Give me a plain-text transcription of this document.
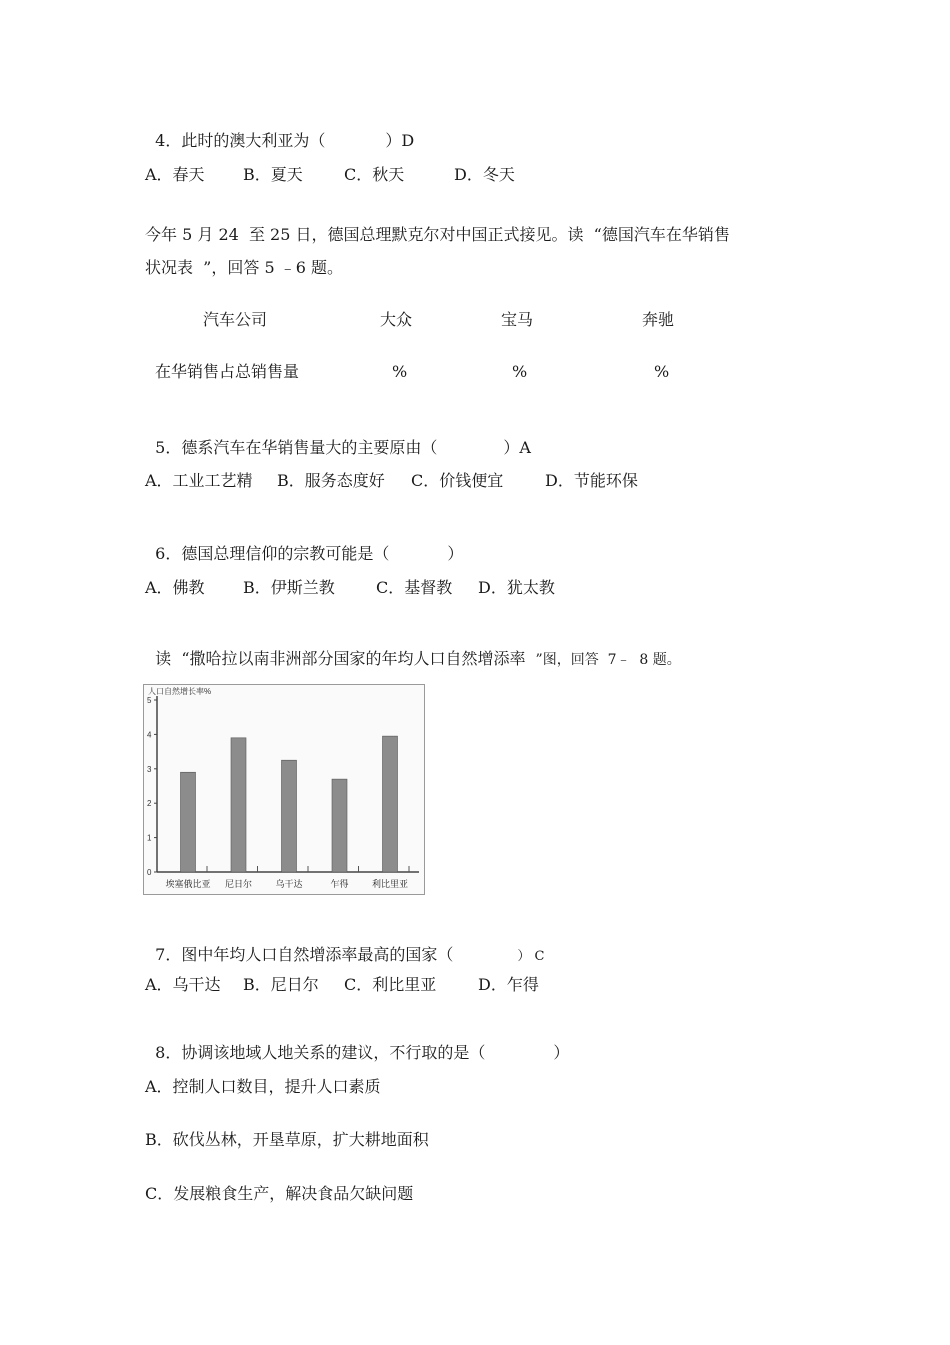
4．此时的澳大利亚为（	）D

A．春天

B．夏天

	C．秋天

	D．冬天

今年 5 月 24  至 25 日，德国总理默克尔对中国正式接见。读  “德国汽车在华销售
状况表  ”，回答 5 ﹣6 题。
汽车公司	大众	宝马	奔驰
在华销售占总销售量	%	%	%

5．德系汽车在华销售量大的主要原由（	）A

A．工业工艺精

B．服务态度好

C．价钱便宜

	D．节能环保

6．德国总理信仰的宗教可能是（	）

A．佛教

B．伊斯兰教

	C．基督教

D．犹太教

读  “撒哈拉以南非洲部分国家的年均人口自然增添率 ”图，回答  7﹣  8 题。

人口自然增长率%
0
1
2
3
4
5
埃塞俄比亚 尼日尔	乌干达	乍得	利比里亚

7．图中年均人口自然增添率最高的国家（	） C

A．乌干达

B．尼日尔

C．利比里亚

	D．乍得

8．协调该地域人地关系的建议，不行取的是（	）

A．控制人口数目，提升人口素质
B．砍伐丛林，开垦草原，扩大耕地面积
C．发展粮食生产，解决食品欠缺问题
